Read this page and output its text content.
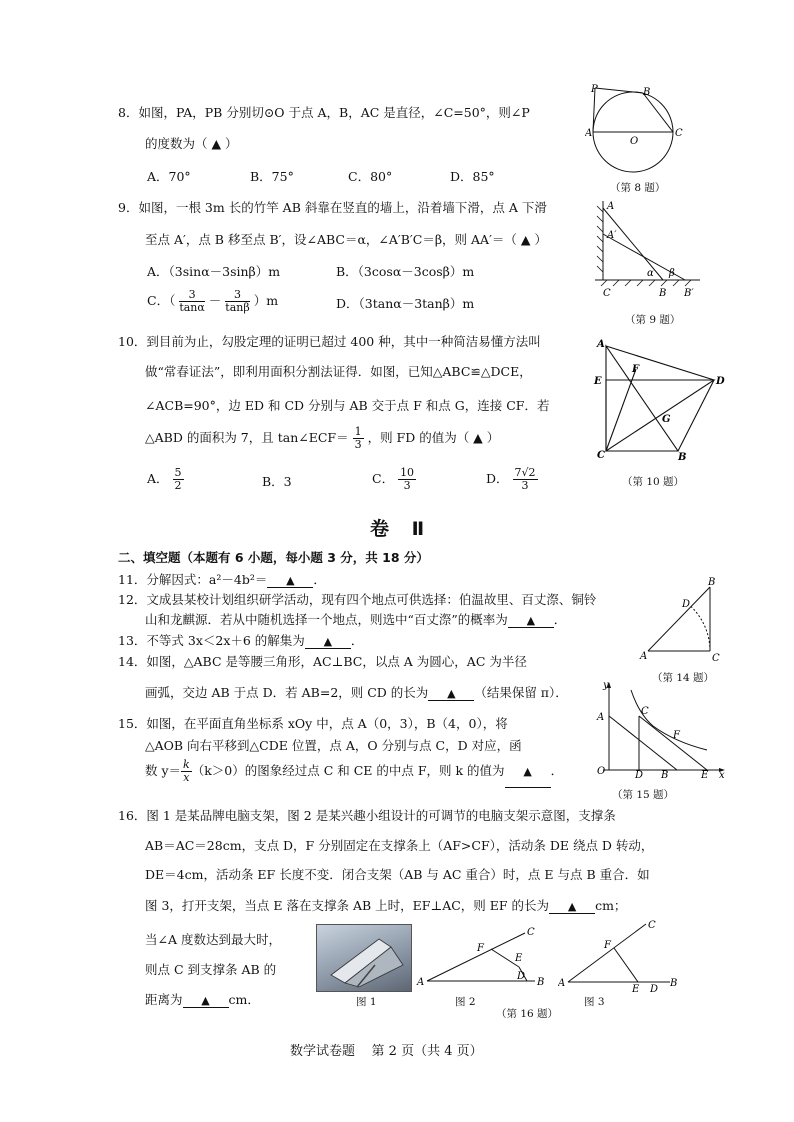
8．如图，PA，PB 分别切⊙O 于点 A，B，AC 是直径，∠C=50°，则∠P
的度数为（ ▲ ）
A．70°	B．75°	C．80°	D．85°
P	B
A	C
O
（第 8 题）
9．如图，一根 3m 长的竹竿 AB 斜靠在竖直的墙上，沿着墙下滑，点 A 下滑
至点 A′，点 B 移至点 B′，设∠ABC＝α，∠A′B′C＝β，则 AA′＝（ ▲ ）
A．（3sinα－3sinβ）m	B．（3cosα－3cosβ）m
C．（ $\frac{3}{\tan\alpha} - \frac{3}{\tan\beta} )m$	D．（3tanα－3tanβ）m
A
A′
C	B B′
α β
（第 9 题）
10．到目前为止，勾股定理的证明已超过 400 种，其中一种简洁易懂方法叫
做“常春证法”，即利用面积分割法证得．如图，已知△ABC≌△DCE，
∠ACB=90°，边 ED 和 CD 分别与 AB 交于点 F 和点 G，连接 CF．若
△ABD 的面积为 7，且 tan∠ECF＝ $\frac{1}{3}$ ，则 FD 的值为（ ▲ ）
A． $\frac{5}{2}$	B．3	C． $\frac{10}{3}$	D． $\frac{7√2}{3}$
A
E
F
D
G
C	B
（第 10 题）
卷 Ⅱ
二、填空题（本题有 6 小题，每小题 3 分，共 18 分）
11．分解因式：a²－4b²＝ ▲ ．
12．文成县某校计划组织研学活动，现有四个地点可供选择：伯温故里、百丈漈、铜铃
山和龙麒源．若从中随机选择一个地点，则选中“百丈漈”的概率为 ▲ ．
13．不等式 3x＜2x＋6 的解集为 ▲ ．
14．如图，△ABC 是等腰三角形，AC⊥BC，以点 A 为圆心，AC 为半径
画弧，交边 AB 于点 D．若 AB=2，则 CD 的长为 ▲ （结果保留 π）．
B
D
A	C
（第 14 题）
15．如图，在平面直角坐标系 xOy 中，点 A（0，3），B（4，0），将
△AOB 向右平移到△CDE 位置，点 A，O 分别与点 C，D 对应，函
数 $y= \frac{k}{x} (k>0)$的图象经过点 C 和 CE 的中点 F，则 k 的值为 ▲ ．
y
A
C
F
O	D B	E x
（第 15 题）
16．图 1 是某品牌电脑支架，图 2 是某兴趣小组设计的可调节的电脑支架示意图，支撑条
AB＝AC＝28cm，支点 D，F 分别固定在支撑条上（AF>CF），活动条 DE 绕点 D 转动，
DE＝4cm，活动条 EF 长度不变．闭合支架（AB 与 AC 重合）时，点 E 与点 B 重合．如
图 3，打开支架，当点 E 落在支撑条 AB 上时，EF⊥AC，则 EF 的长为 ▲ cm；
当∠A 度数达到最大时，
则点 C 到支撑条 AB 的
距离为 ▲ cm．	图 1
A
F
C
E
D
B
图 2
（第 16 题）
A
F
C
E D
B
图 3
数学试卷题    第 2 页（共 4 页）
